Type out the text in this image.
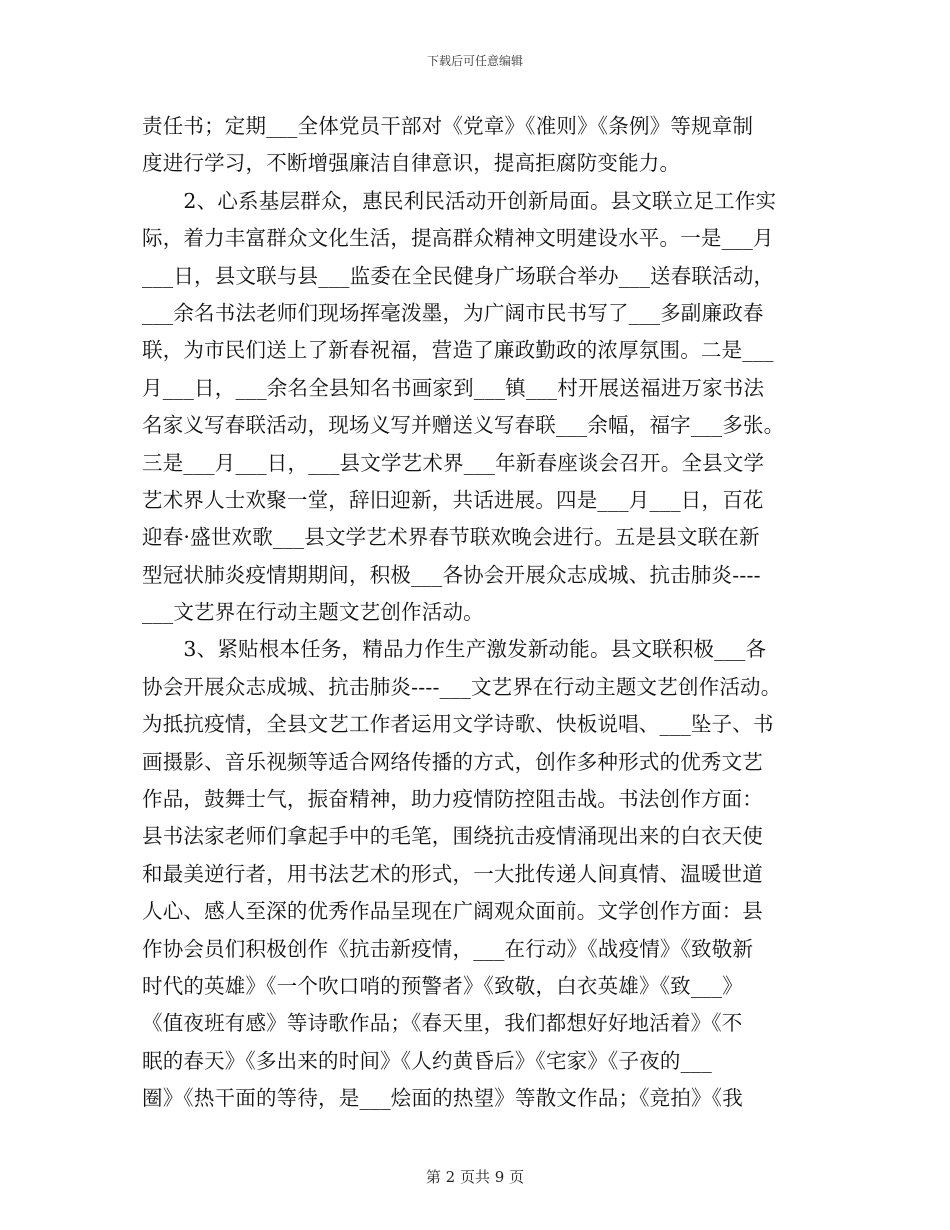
下载后可任意编辑
责任书；定期___全体党员干部对《党章》《准则》《条例》等规章制
度进行学习，不断增强廉洁自律意识，提高拒腐防变能力。
　　2、心系基层群众，惠民利民活动开创新局面。县文联立足工作实
际，着力丰富群众文化生活，提高群众精神文明建设水平。一是___月
___日，县文联与县___监委在全民健身广场联合举办___送春联活动，
___余名书法老师们现场挥毫泼墨，为广阔市民书写了___多副廉政春
联，为市民们送上了新春祝福，营造了廉政勤政的浓厚氛围。二是___
月___日，___余名全县知名书画家到___镇___村开展送福进万家书法
名家义写春联活动，现场义写并赠送义写春联___余幅，福字___多张。
三是___月___日，___县文学艺术界___年新春座谈会召开。全县文学
艺术界人士欢聚一堂，辞旧迎新，共话进展。四是___月___日，百花
迎春·盛世欢歌___县文学艺术界春节联欢晚会进行。五是县文联在新
型冠状肺炎疫情期期间，积极___各协会开展众志成城、抗击肺炎----
___文艺界在行动主题文艺创作活动。
　　3、紧贴根本任务，精品力作生产激发新动能。县文联积极___各
协会开展众志成城、抗击肺炎----___文艺界在行动主题文艺创作活动。
为抵抗疫情，全县文艺工作者运用文学诗歌、快板说唱、___坠子、书
画摄影、音乐视频等适合网络传播的方式，创作多种形式的优秀文艺
作品，鼓舞士气，振奋精神，助力疫情防控阻击战。书法创作方面：
县书法家老师们拿起手中的毛笔，围绕抗击疫情涌现出来的白衣天使
和最美逆行者，用书法艺术的形式，一大批传递人间真情、温暖世道
人心、感人至深的优秀作品呈现在广阔观众面前。文学创作方面：县
作协会员们积极创作《抗击新疫情，___在行动》《战疫情》《致敬新
时代的英雄》《一个吹口哨的预警者》《致敬，白衣英雄》《致___》
《值夜班有感》等诗歌作品；《春天里，我们都想好好地活着》《不
眠的春天》《多出来的时间》《人约黄昏后》《宅家》《子夜的___
圈》《热干面的等待，是___烩面的热望》等散文作品；《竞拍》《我
第 2 页共 9 页
